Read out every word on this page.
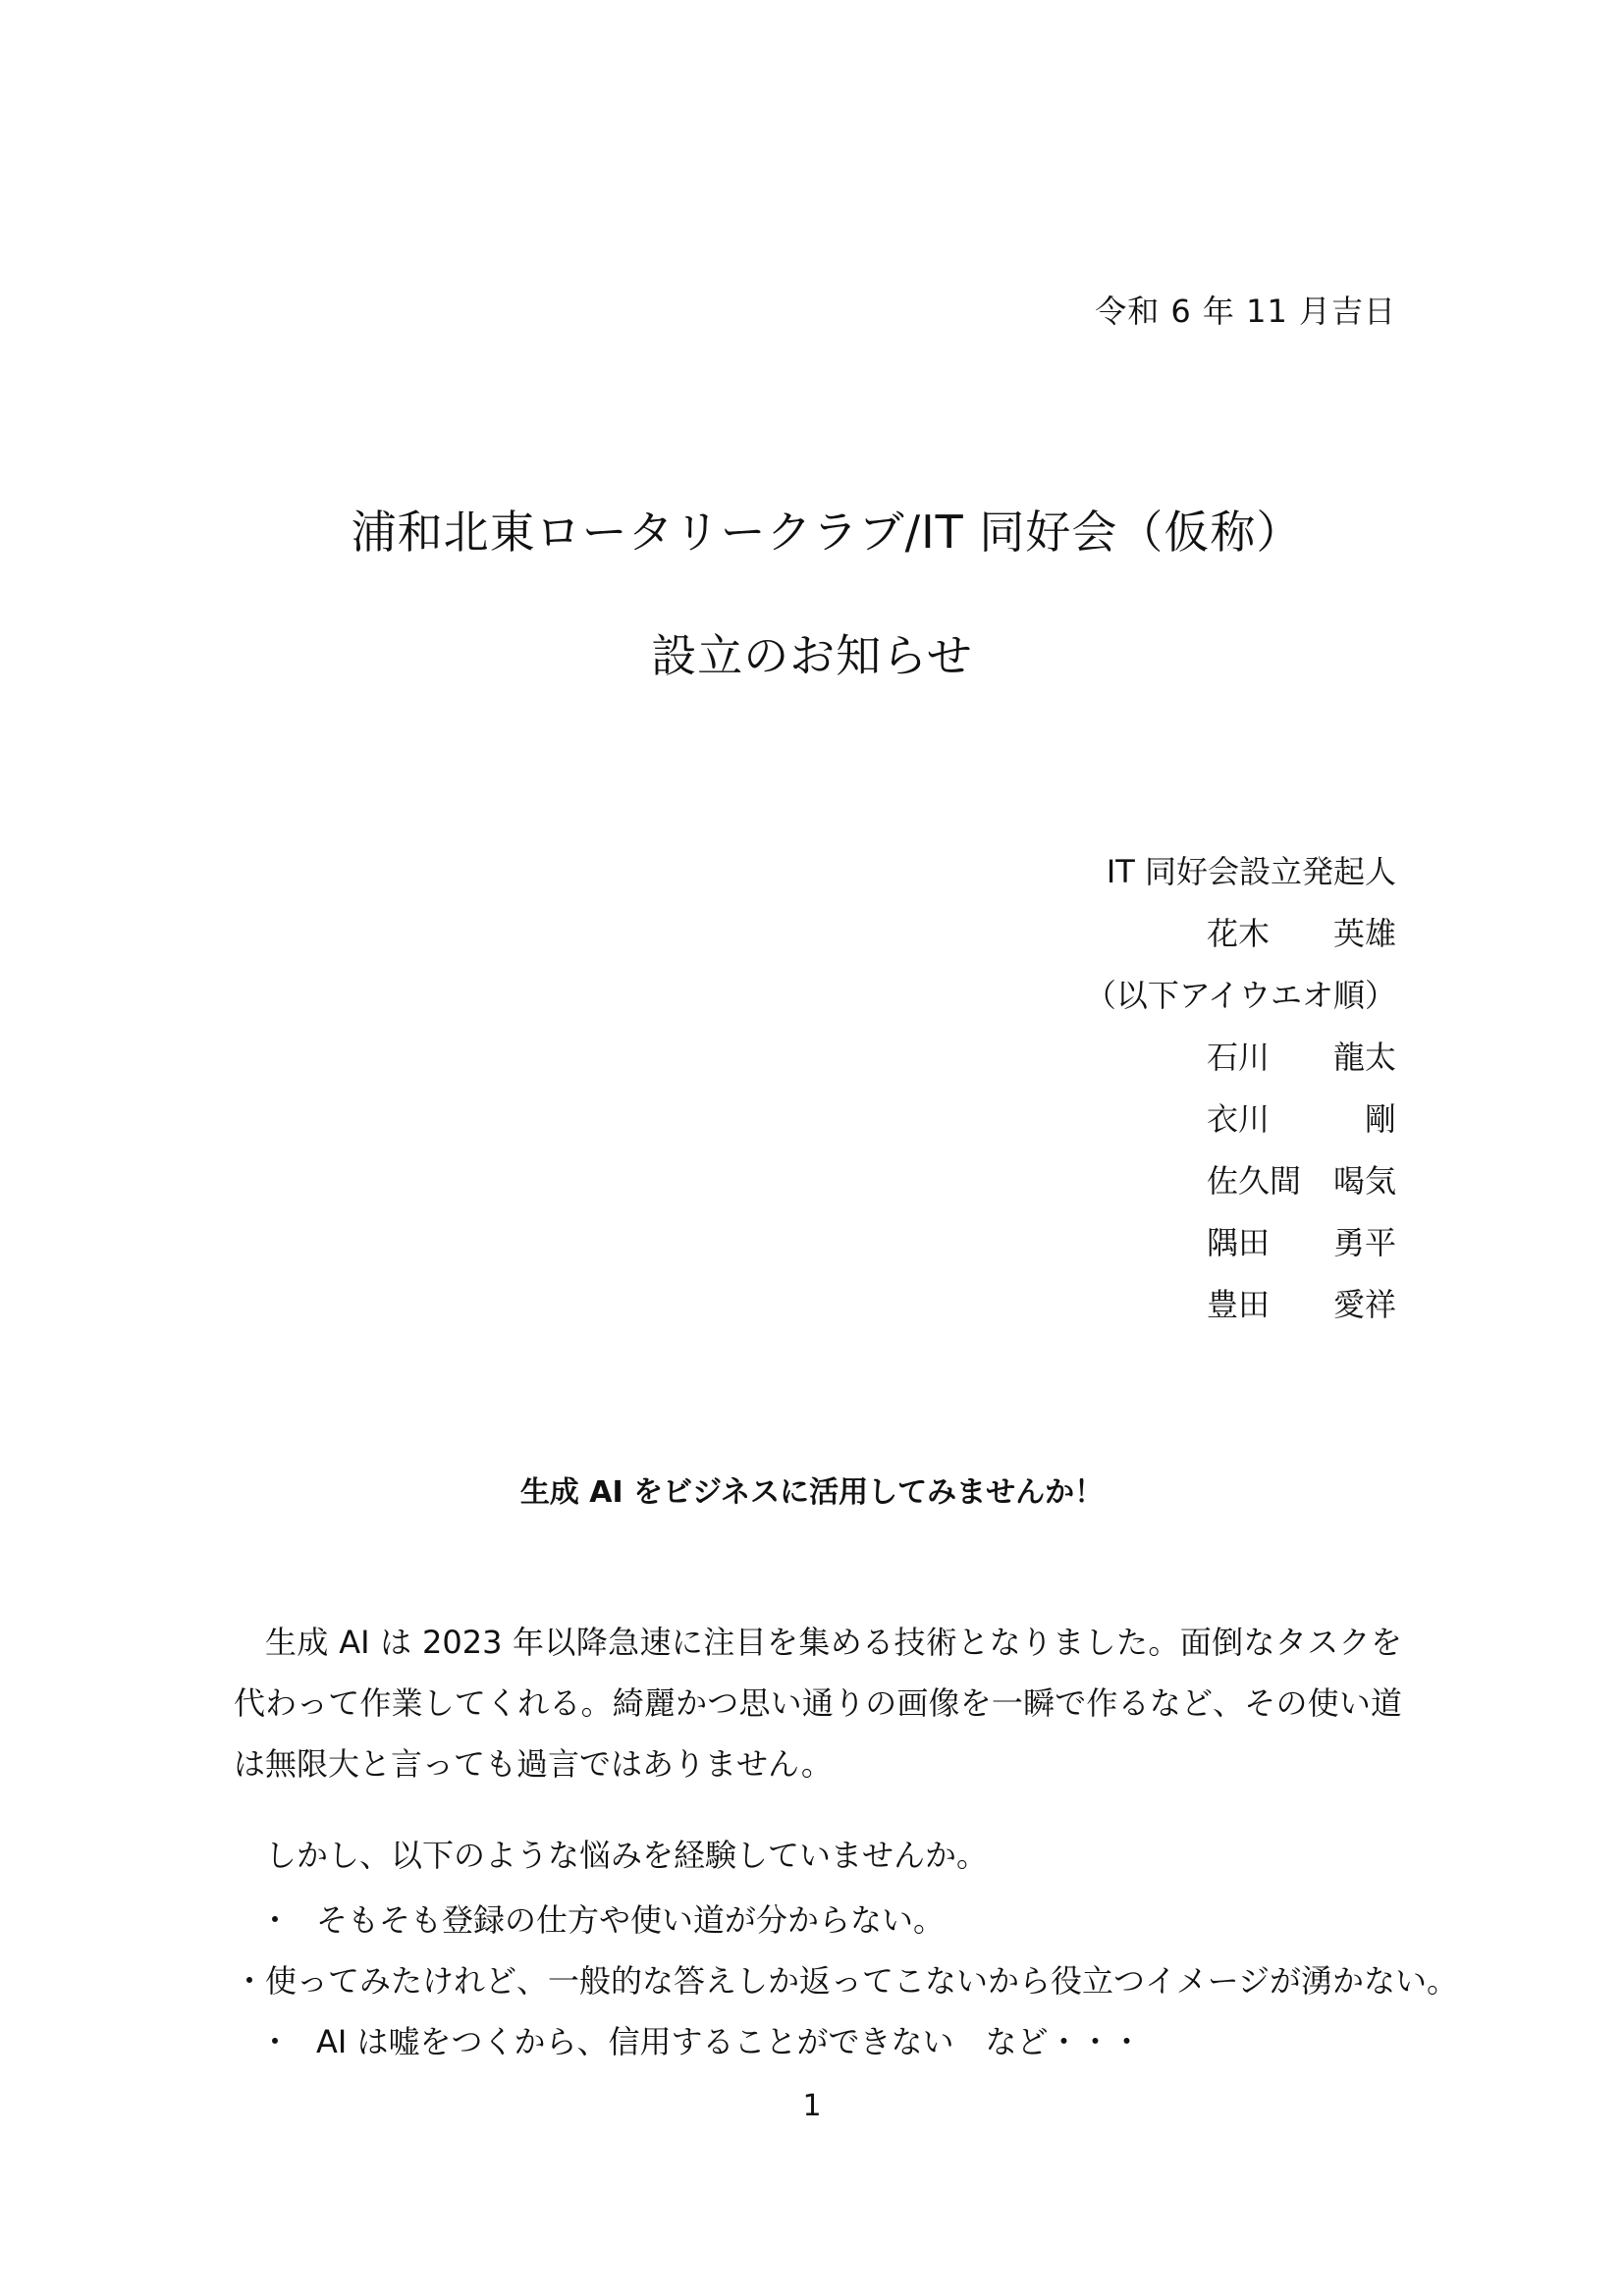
令和 6 年 11 月吉日
浦和北東ロータリークラブ/IT 同好会（仮称）
設立のお知らせ
IT 同好会設立発起人
花木	英雄
（以下アイウエオ順）
石川	龍太
衣川	剛
佐久間 喝気
隅田	勇平
豊田	愛祥
生成 AI をビジネスに活用してみませんか！

生成 AI は 2023 年以降急速に注目を集める技術となりました。面倒なタスクを代わって作業してくれる。綺麗かつ思い通りの画像を一瞬で作るなど、その使い道は無限大と言っても過言ではありません。

しかし、以下のような悩みを経験していませんか。
・ そもそも登録の仕方や使い道が分からない。
・ 使ってみたけれど、一般的な答えしか返ってこないから役立つイメージが湧かない。
・ AI は嘘をつくから、信用することができない　など・・・
1
